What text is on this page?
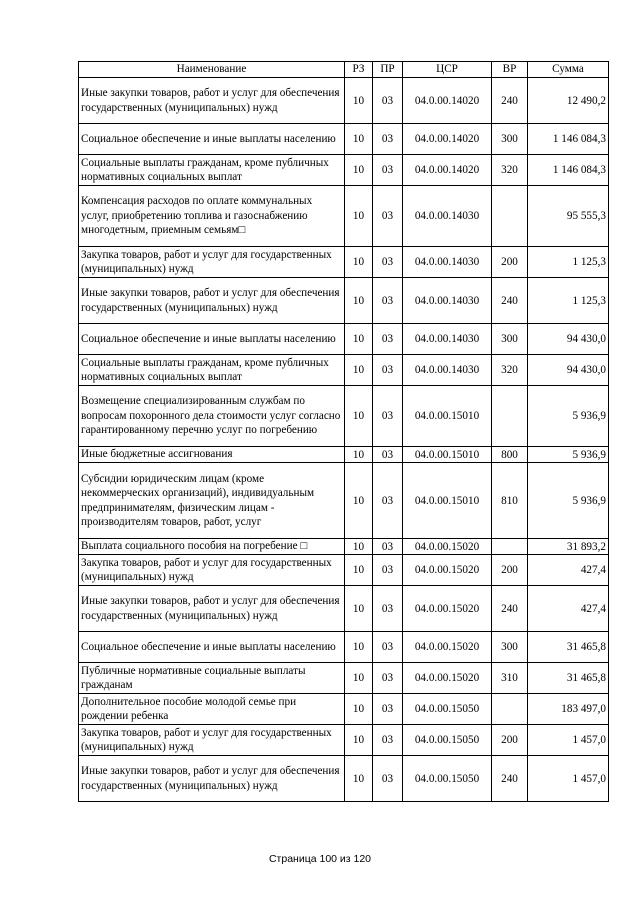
Наименование	РЗ	ПР	ЦСР	ВР	Сумма
Иные закупки товаров, работ и услуг для обеспечения государственных (муниципальных) нужд	10	03	04.0.00.14020	240	12 490,2
Социальное обеспечение и иные выплаты населению	10	03	04.0.00.14020	300	1 146 084,3
Социальные выплаты гражданам, кроме публичных нормативных социальных выплат	10	03	04.0.00.14020	320	1 146 084,3
Компенсация расходов по оплате коммунальных услуг, приобретению топлива и газоснабжению многодетным, приемным семьям□	10	03	04.0.00.14030		95 555,3
Закупка товаров, работ и услуг для государственных (муниципальных) нужд	10	03	04.0.00.14030	200	1 125,3
Иные закупки товаров, работ и услуг для обеспечения государственных (муниципальных) нужд	10	03	04.0.00.14030	240	1 125,3
Социальное обеспечение и иные выплаты населению	10	03	04.0.00.14030	300	94 430,0
Социальные выплаты гражданам, кроме публичных нормативных социальных выплат	10	03	04.0.00.14030	320	94 430,0
Возмещение специализированным службам по вопросам похоронного дела стоимости услуг согласно гарантированному перечню услуг по погребению	10	03	04.0.00.15010		5 936,9
Иные бюджетные ассигнования	10	03	04.0.00.15010	800	5 936,9
Субсидии юридическим лицам (кроме некоммерческих организаций), индивидуальным предпринимателям, физическим лицам - производителям товаров, работ, услуг	10	03	04.0.00.15010	810	5 936,9
Выплата социального пособия на погребение □	10	03	04.0.00.15020		31 893,2
Закупка товаров, работ и услуг для государственных (муниципальных) нужд	10	03	04.0.00.15020	200	427,4
Иные закупки товаров, работ и услуг для обеспечения государственных (муниципальных) нужд	10	03	04.0.00.15020	240	427,4
Социальное обеспечение и иные выплаты населению	10	03	04.0.00.15020	300	31 465,8
Публичные нормативные социальные выплаты гражданам	10	03	04.0.00.15020	310	31 465,8
Дополнительное пособие молодой семье при рождении ребенка	10	03	04.0.00.15050		183 497,0
Закупка товаров, работ и услуг для государственных (муниципальных) нужд	10	03	04.0.00.15050	200	1 457,0
Иные закупки товаров, работ и услуг для обеспечения государственных (муниципальных) нужд	10	03	04.0.00.15050	240	1 457,0
Страница 100 из 120
